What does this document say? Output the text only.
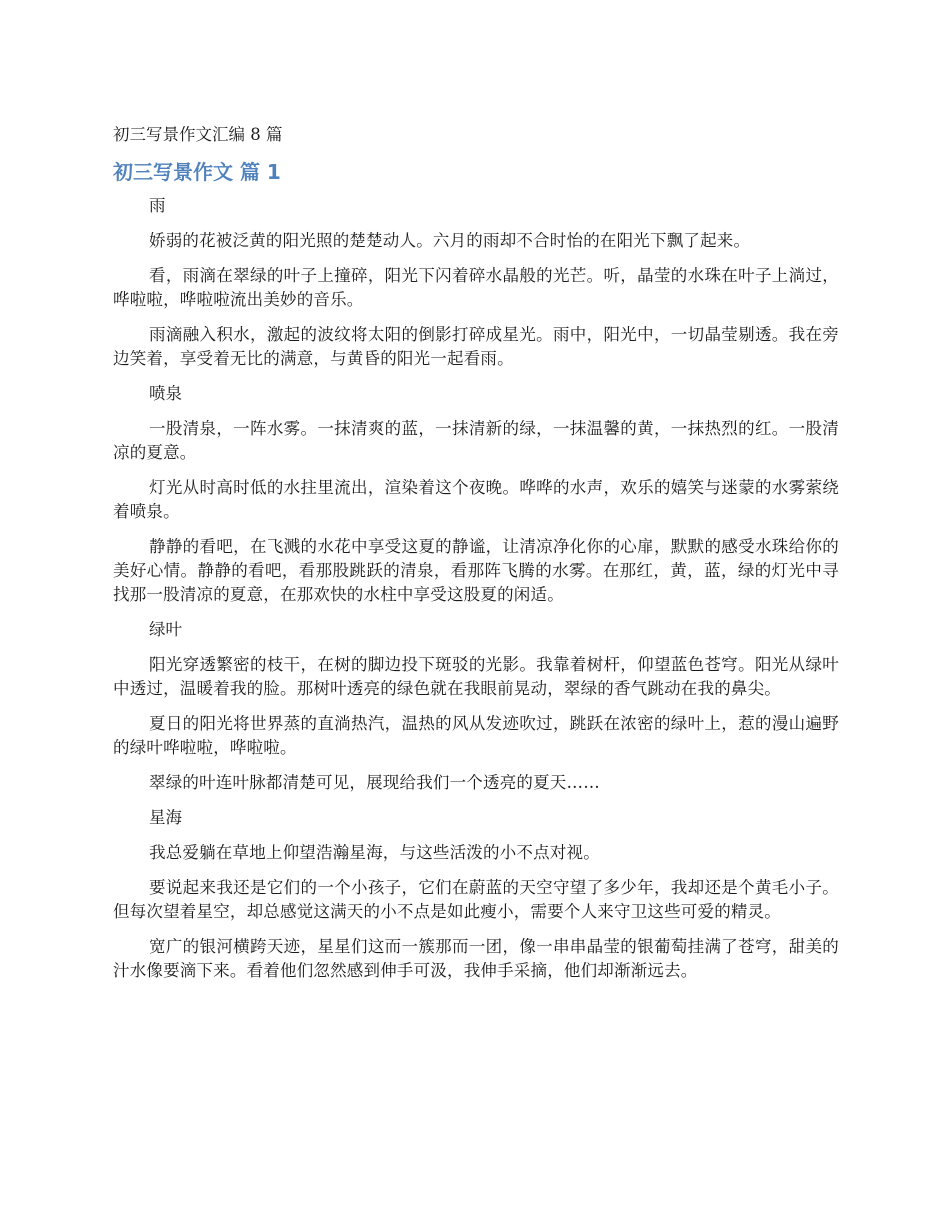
初三写景作文汇编 8 篇
初三写景作文 篇 1
雨

娇弱的花被泛黄的阳光照的楚楚动人。六月的雨却不合时怡的在阳光下飘了起来。

看，雨滴在翠绿的叶子上撞碎，阳光下闪着碎水晶般的光芒。听，晶莹的水珠在叶子上淌过，哗啦啦，哗啦啦流出美妙的音乐。

雨滴融入积水，激起的波纹将太阳的倒影打碎成星光。雨中，阳光中，一切晶莹剔透。我在旁边笑着，享受着无比的满意，与黄昏的阳光一起看雨。

喷泉

一股清泉，一阵水雾。一抹清爽的蓝，一抹清新的绿，一抹温馨的黄，一抹热烈的红。一股清凉的夏意。

灯光从时高时低的水拄里流出，渲染着这个夜晚。哗哗的水声，欢乐的嬉笑与迷蒙的水雾萦绕着喷泉。

静静的看吧，在飞溅的水花中享受这夏的静谧，让清凉净化你的心扉，默默的感受水珠给你的美好心情。静静的看吧，看那股跳跃的清泉，看那阵飞腾的水雾。在那红，黄，蓝，绿的灯光中寻找那一股清凉的夏意，在那欢快的水柱中享受这股夏的闲适。

绿叶

阳光穿透繁密的枝干，在树的脚边投下斑驳的光影。我靠着树杆，仰望蓝色苍穹。阳光从绿叶中透过，温暖着我的脸。那树叶透亮的绿色就在我眼前晃动，翠绿的香气跳动在我的鼻尖。

夏日的阳光将世界蒸的直淌热汽，温热的风从发迹吹过，跳跃在浓密的绿叶上，惹的漫山遍野的绿叶哗啦啦，哗啦啦。

翠绿的叶连叶脉都清楚可见，展现给我们一个透亮的夏天……

星海

我总爱躺在草地上仰望浩瀚星海，与这些活泼的小不点对视。

要说起来我还是它们的一个小孩子，它们在蔚蓝的天空守望了多少年，我却还是个黄毛小子。但每次望着星空，却总感觉这满天的小不点是如此瘦小，需要个人来守卫这些可爱的精灵。

宽广的银河横跨天迹，星星们这而一簇那而一团，像一串串晶莹的银葡萄挂满了苍穹，甜美的汁水像要滴下来。看着他们忽然感到伸手可汲，我伸手采摘，他们却渐渐远去。
